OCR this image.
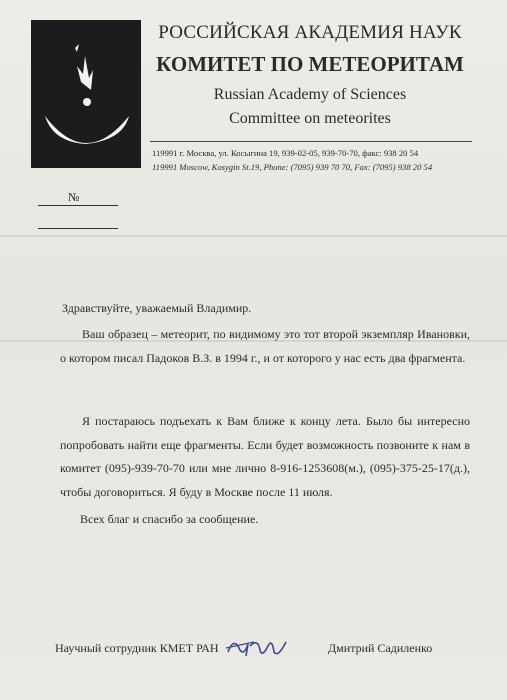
РОССИЙСКАЯ АКАДЕМИЯ НАУК
КОМИТЕТ ПО МЕТЕОРИТАМ
Russian Academy of Sciences
Committee on meteorites
119991 г. Москва, ул. Косыгина 19, 939-02-05, 939-70-70, факс: 938 20 54
119991 Moscow, Kosygin St.19, Phone: (7095) 939 70 70, Fax: (7095) 938 20 54
№
Здравствуйте, уважаемый Владимир.
Ваш образец – метеорит, по видимому это тот второй экземпляр Ивановки, о котором писал Падоков В.З. в 1994 г., и от которого у нас есть два фрагмента.
Я постараюсь подъехать к Вам ближе к концу лета. Было бы интересно попробовать найти еще фрагменты. Если будет возможность позвоните к нам в комитет (095)-939-70-70 или мне лично 8-916-1253608(м.), (095)-375-25-17(д.), чтобы договориться. Я буду в Москве после 11 июля.
Всех благ и спасибо за сообщение.
Научный сотрудник КМЕТ РАН	Дмитрий Садиленко
